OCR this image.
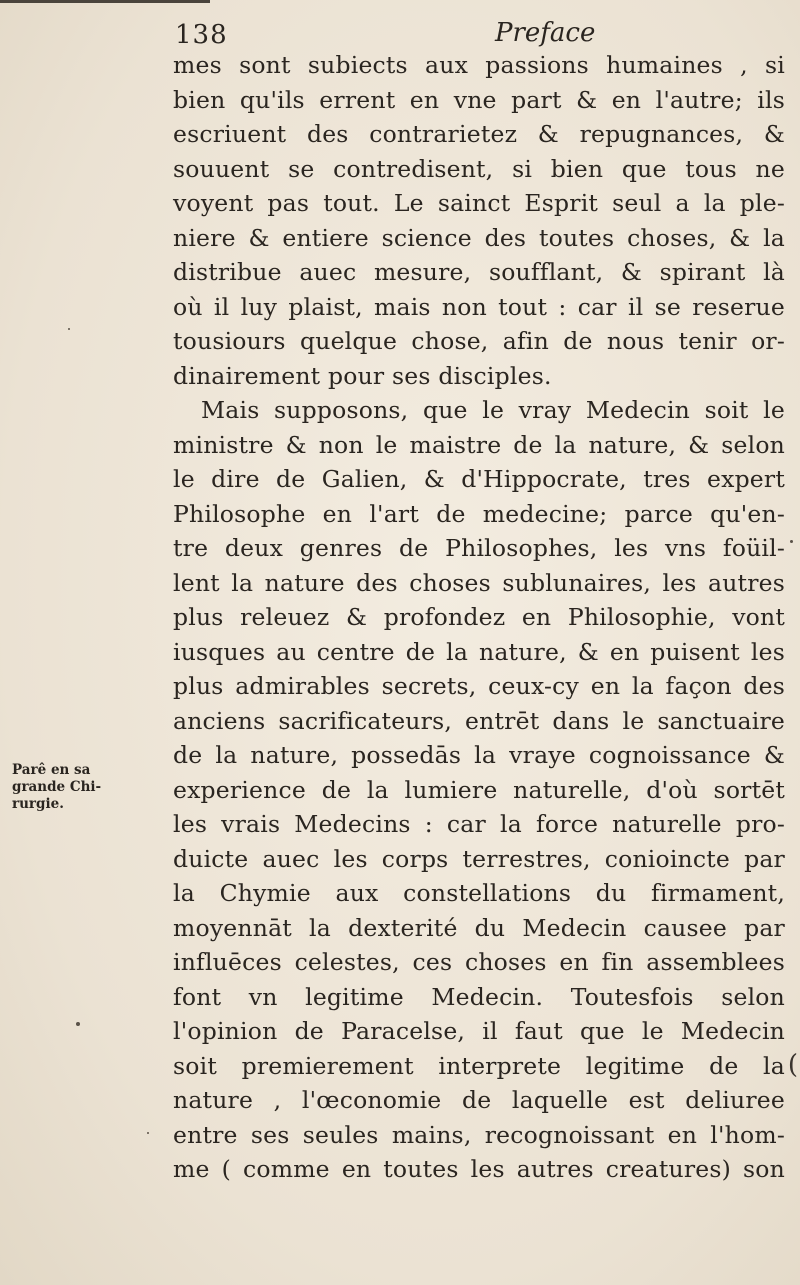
138	Preface
Parê en sa
grande Chi-
rurgie.
mes sont subiects aux passions humaines , si
bien qu'ils errent en vne part & en l'autre; ils
escriuent des contrarietez & repugnances, &
souuent se contredisent, si bien que tous ne
voyent pas tout. Le sainct Esprit seul a la ple-
niere & entiere science des toutes choses, & la
distribue auec mesure, soufflant, & spirant là
où il luy plaist, mais non tout : car il se reserue
tousiours quelque chose, afin de nous tenir or-
dinairement pour ses disciples.
Mais supposons, que le vray Medecin soit le
ministre & non le maistre de la nature, & selon
le dire de Galien, & d'Hippocrate, tres expert
Philosophe en l'art de medecine; parce qu'en-
tre deux genres de Philosophes, les vns foüil-
lent la nature des choses sublunaires, les autres
plus releuez & profondez en Philosophie, vont
iusques au centre de la nature, & en puisent les
plus admirables secrets, ceux-cy en la façon des
anciens sacrificateurs, entrēt dans le sanctuaire
de la nature, possedās la vraye cognoissance &
experience de la lumiere naturelle, d'où sortēt
les vrais Medecins : car la force naturelle pro-
duicte auec les corps terrestres, conioincte par
la Chymie aux constellations du firmament,
moyennāt la dexterité du Medecin causee par
influēces celestes, ces choses en fin assemblees
font vn legitime Medecin. Toutesfois selon
l'opinion de Paracelse, il faut que le Medecin
soit premierement interprete legitime de la
nature , l'œconomie de laquelle est deliuree
entre ses seules mains, recognoissant en l'hom-
me ( comme en toutes les autres creatures) son
(
